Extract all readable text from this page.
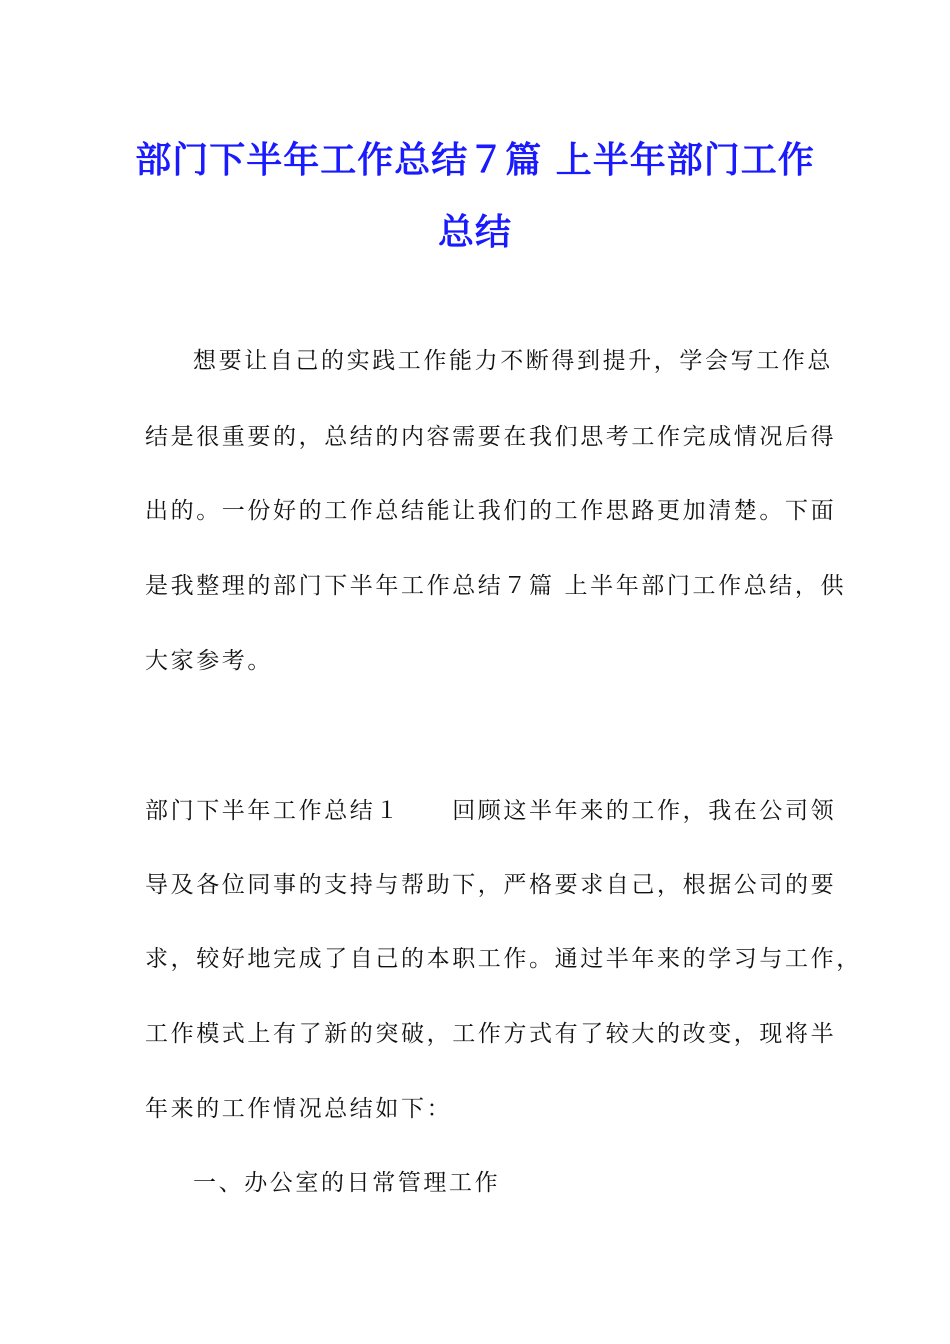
部门下半年工作总结７篇 上半年部门工作
总结
想要让自己的实践工作能力不断得到提升，学会写工作总
结是很重要的，总结的内容需要在我们思考工作完成情况后得
出的。一份好的工作总结能让我们的工作思路更加清楚。下面
是我整理的部门下半年工作总结７篇 上半年部门工作总结，供
大家参考。
部门下半年工作总结１　　回顾这半年来的工作，我在公司领
导及各位同事的支持与帮助下，严格要求自己，根据公司的要
求，较好地完成了自己的本职工作。通过半年来的学习与工作，
工作模式上有了新的突破，工作方式有了较大的改变，现将半
年来的工作情况总结如下：
一、办公室的日常管理工作
